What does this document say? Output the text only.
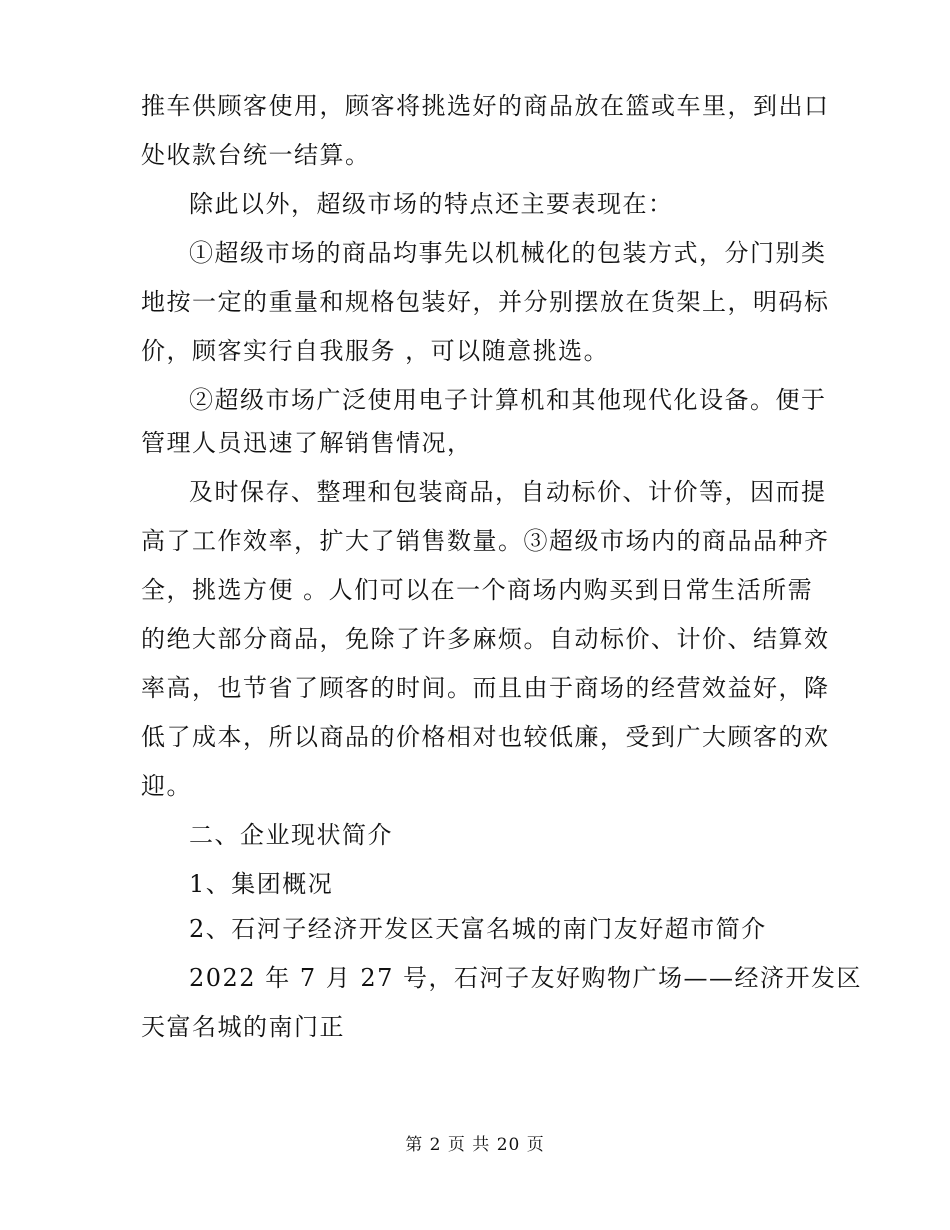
推车供顾客使用，顾客将挑选好的商品放在篮或车里，到出口
处收款台统一结算。
除此以外，超级市场的特点还主要表现在：
①超级市场的商品均事先以机械化的包装方式，分门别类
地按一定的重量和规格包装好，并分别摆放在货架上，明码标
价，顾客实行自我服务 ，可以随意挑选。
②超级市场广泛使用电子计算机和其他现代化设备。便于
管理人员迅速了解销售情况，
及时保存、整理和包装商品，自动标价、计价等，因而提
高了工作效率，扩大了销售数量。③超级市场内的商品品种齐
全，挑选方便 。人们可以在一个商场内购买到日常生活所需
的绝大部分商品，免除了许多麻烦。自动标价、计价、结算效
率高，也节省了顾客的时间。而且由于商场的经营效益好，降
低了成本，所以商品的价格相对也较低廉，受到广大顾客的欢
迎。
二、企业现状简介
1、集团概况
2、石河子经济开发区天富名城的南门友好超市简介
2022 年 7 月 27 号，石河子友好购物广场——经济开发区
天富名城的南门正
第 2 页 共 20 页
